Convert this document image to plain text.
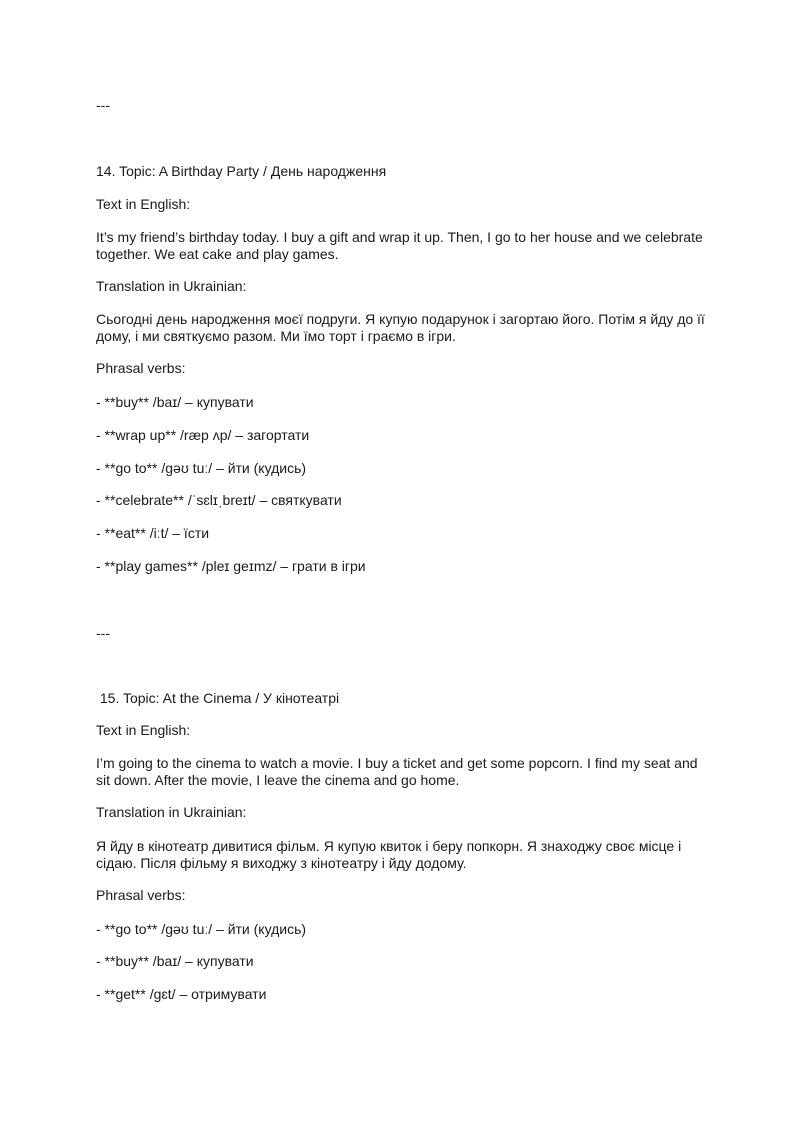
---
14. Topic: A Birthday Party / День народження
Text in English:
It’s my friend’s birthday today. I buy a gift and wrap it up. Then, I go to her house and we celebrate together. We eat cake and play games.
Translation in Ukrainian:
Сьогодні день народження моєї подруги. Я купую подарунок і загортаю його. Потім я йду до її дому, і ми святкуємо разом. Ми їмо торт і граємо в ігри.
Phrasal verbs:
- **buy** /baɪ/ – купувати
- **wrap up** /ræp ʌp/ – загортати
- **go to** /ɡəʊ tuː/ – йти (кудись)
- **celebrate** /ˈsɛlɪˌbreɪt/ – святкувати
- **eat** /iːt/ – їсти
- **play games** /pleɪ ɡeɪmz/ – грати в ігри
---
15. Topic: At the Cinema / У кінотеатрі
Text in English:
I’m going to the cinema to watch a movie. I buy a ticket and get some popcorn. I find my seat and sit down. After the movie, I leave the cinema and go home.
Translation in Ukrainian:
Я йду в кінотеатр дивитися фільм. Я купую квиток і беру попкорн. Я знаходжу своє місце і сідаю. Після фільму я виходжу з кінотеатру і йду додому.
Phrasal verbs:
- **go to** /ɡəʊ tuː/ – йти (кудись)
- **buy** /baɪ/ – купувати
- **get** /ɡɛt/ – отримувати
